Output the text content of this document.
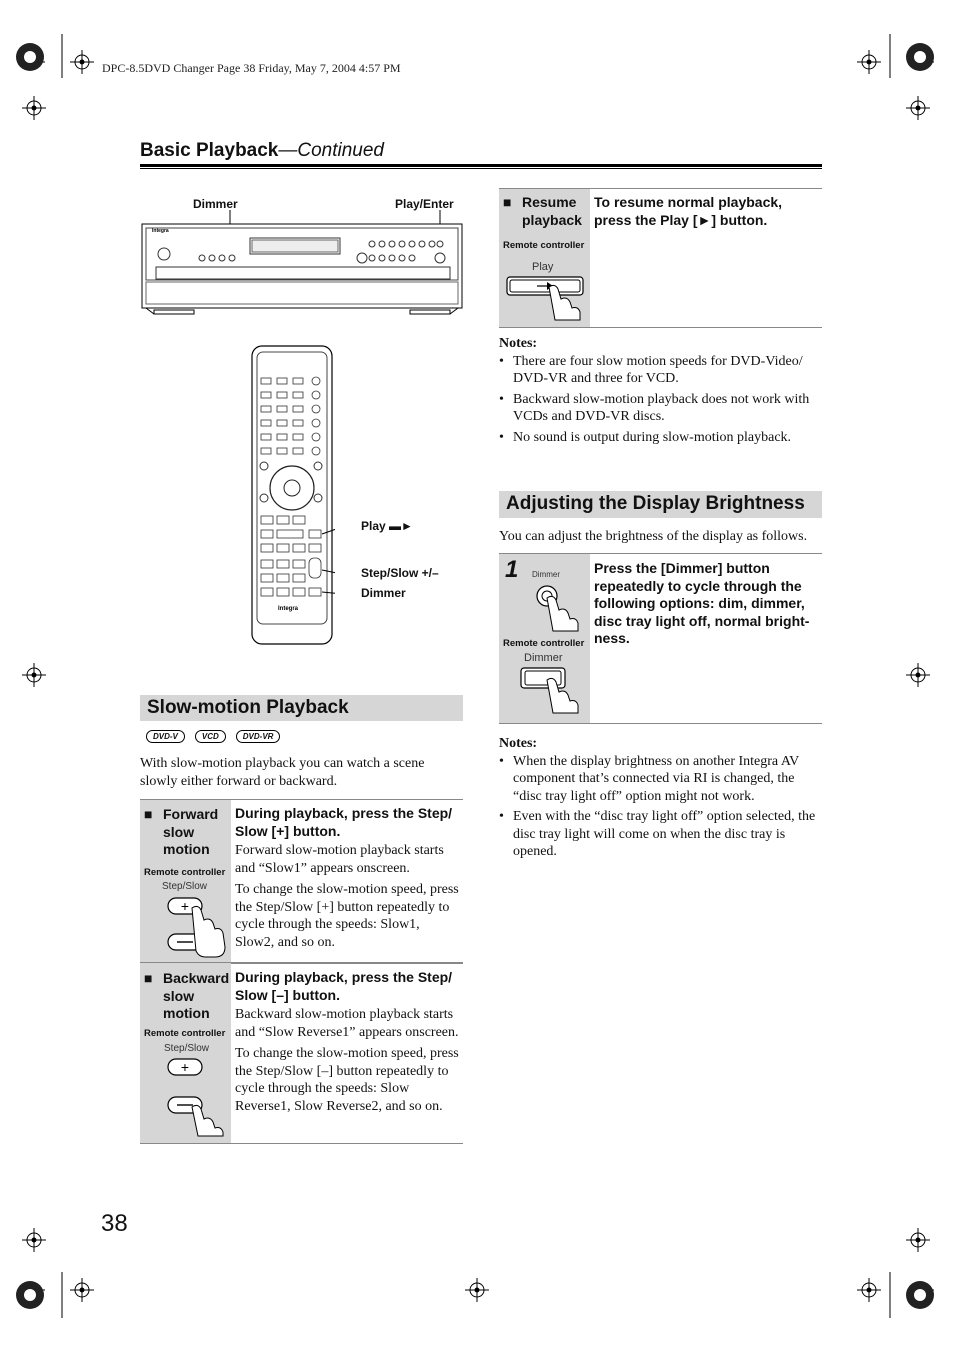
DPC-8.5DVD Changer Page 38 Friday, May 7, 2004 4:57 PM
Basic Playback—Continued
Dimmer	Play/Enter
Integra
Integra
Play ▬►
Step/Slow +/–
Dimmer
Slow-motion Playback
DVD-V	VCD	DVD-VR
With slow-motion playback you can watch a scene slowly either forward or backward.
■ Forward slow motion
Remote controller
Step/Slow
+
During playback, press the Step/ Slow [+] button.
Forward slow-motion playback starts and “Slow1” appears onscreen.
To change the slow-motion speed, press the Step/Slow [+] button repeatedly to cycle through the speeds: Slow1, Slow2, and so on.
■ Backward slow motion
Remote controller
Step/Slow
+
During playback, press the Step/ Slow [–] button.
Backward slow-motion playback starts and “Slow Reverse1” appears onscreen.
To change the slow-motion speed, press the Step/Slow [–] button repeatedly to cycle through the speeds: Slow Reverse1, Slow Reverse2, and so on.
■ Resume playback
Remote controller
Play
To resume normal playback, press the Play [►] button.
Notes:
• There are four slow motion speeds for DVD-Video/ DVD-VR and three for VCD.
• Backward slow-motion playback does not work with VCDs and DVD-VR discs.
• No sound is output during slow-motion playback.
Adjusting the Display Brightness
You can adjust the brightness of the display as follows.
1 Dimmer
Remote controller
Dimmer
Press the [Dimmer] button repeatedly to cycle through the following options: dim, dimmer, disc tray light off, normal bright-ness.
Notes:
• When the display brightness on another Integra AV component that’s connected via RI is changed, the “disc tray light off” option might not work.
• Even with the “disc tray light off” option selected, the disc tray light will come on when the disc tray is opened.
38
